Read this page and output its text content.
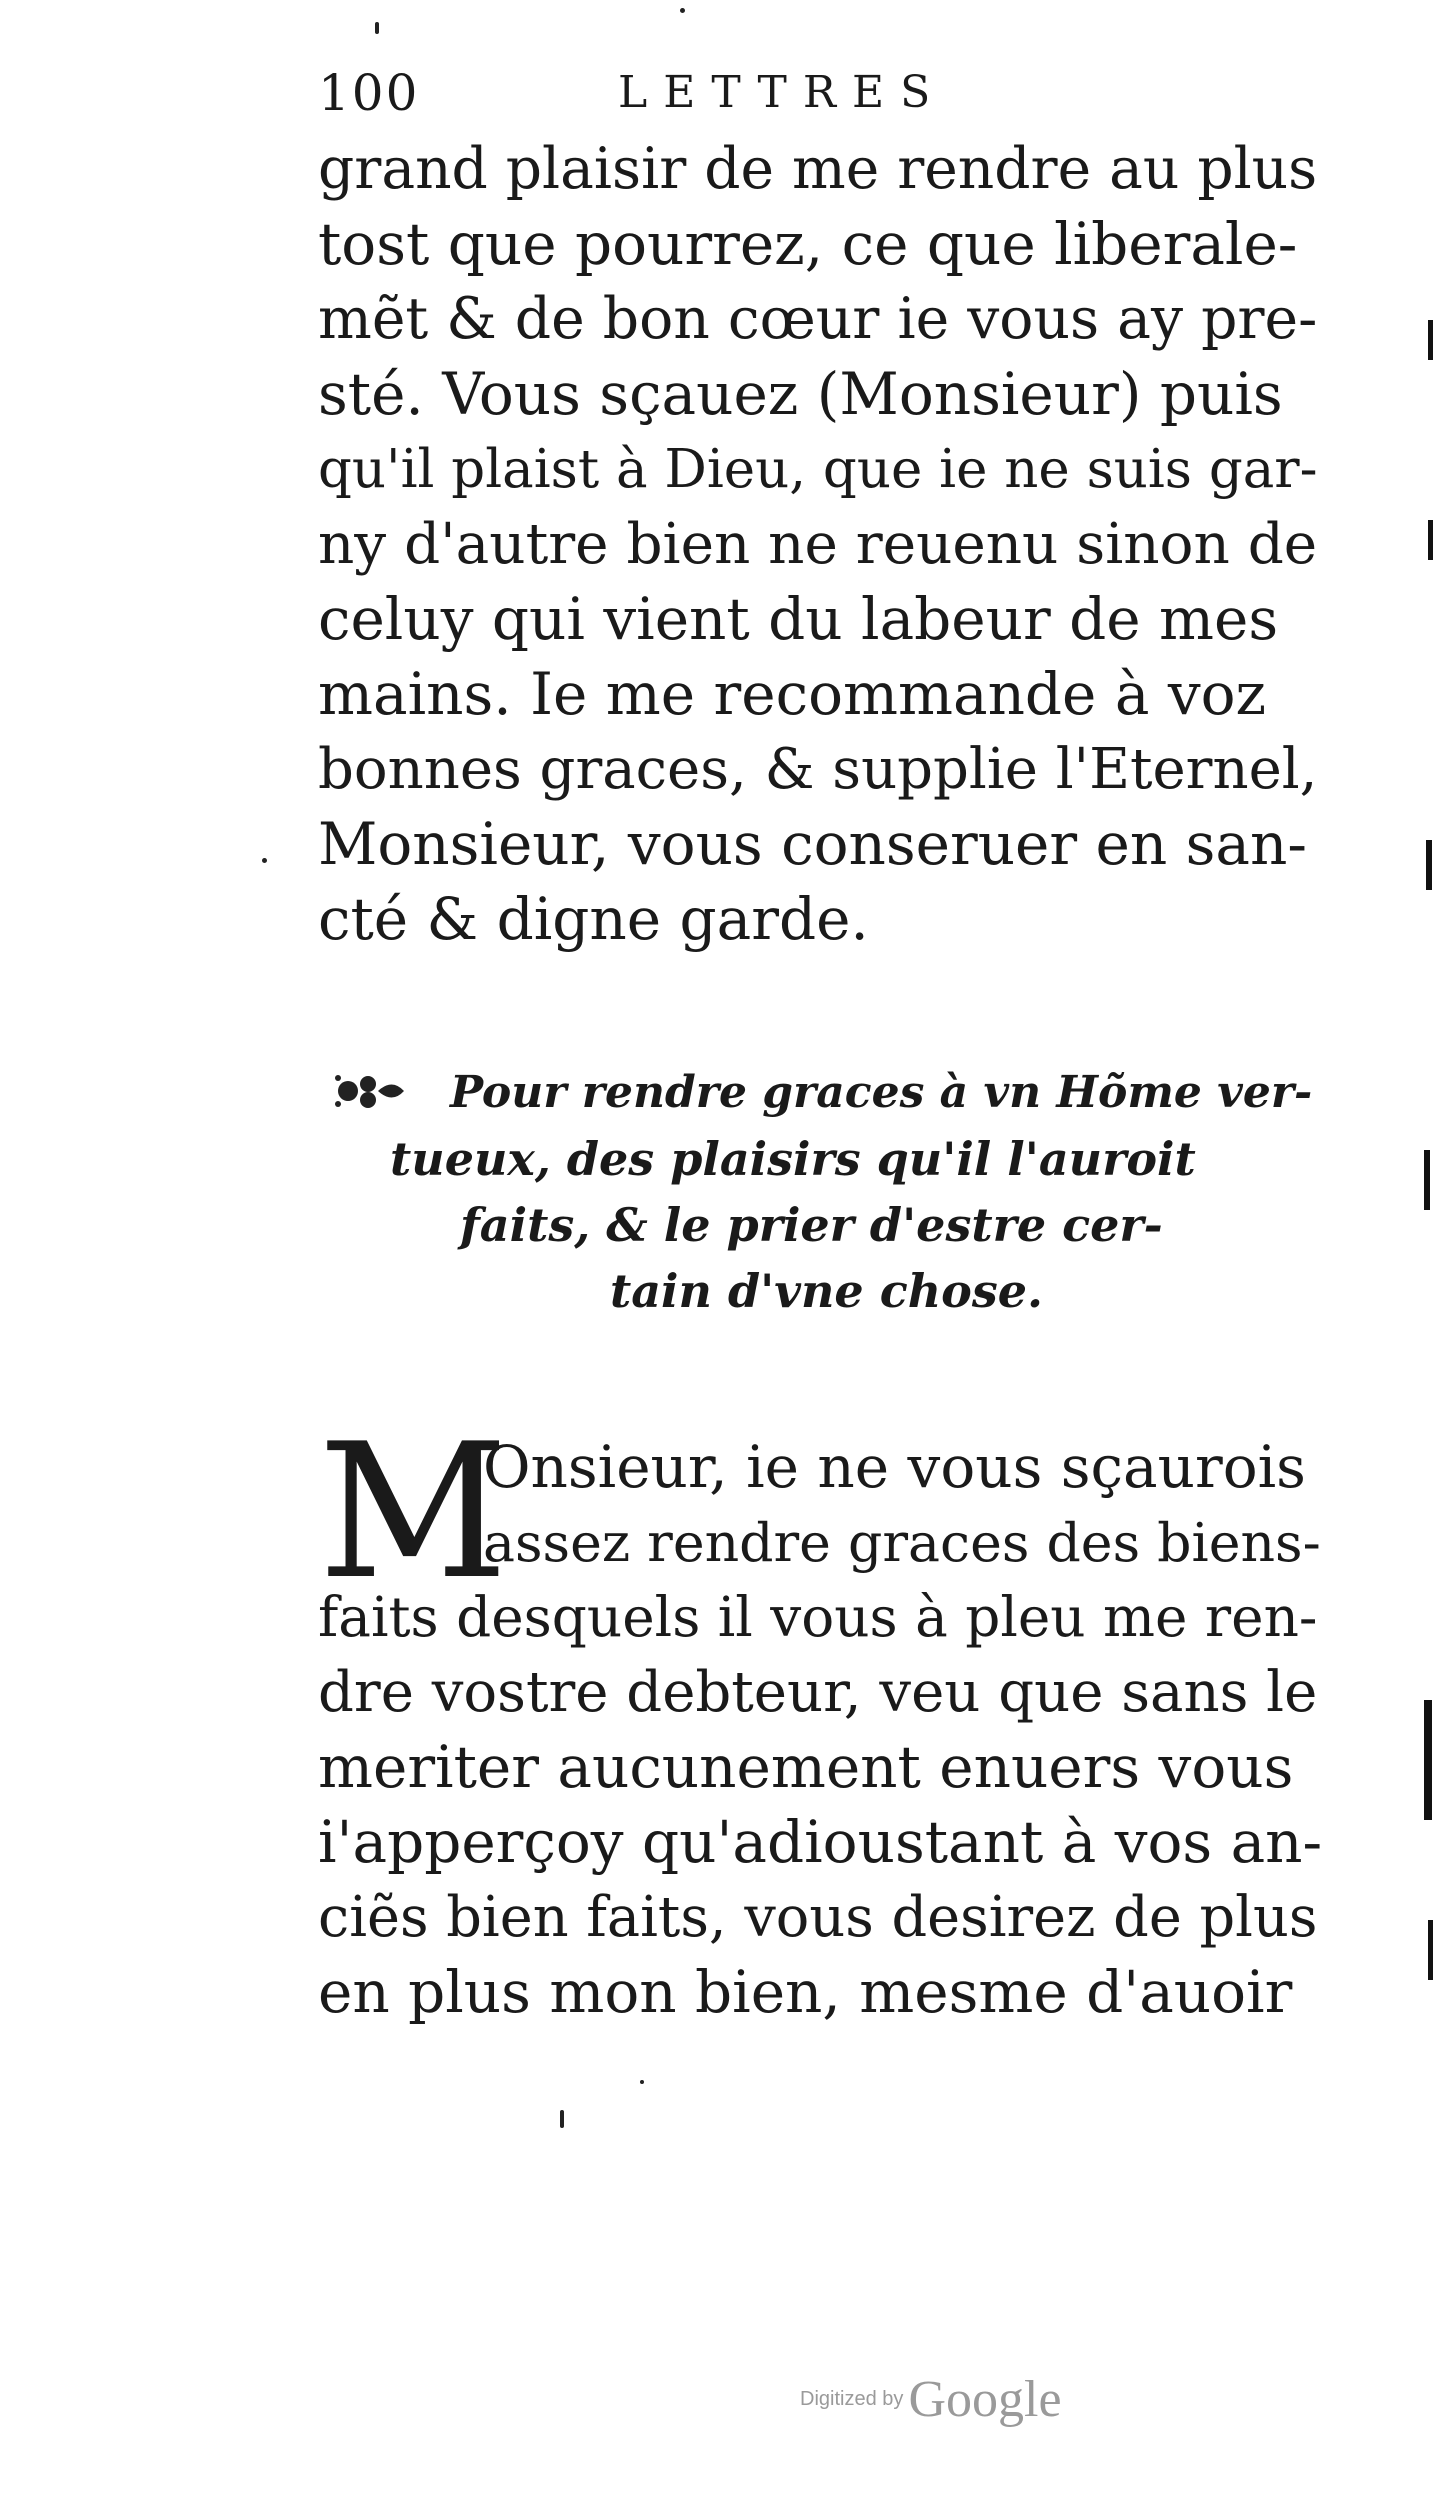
100	LETTRES
grand plaisir de me rendre au plus
tost que pourrez, ce que liberale-
mẽt & de bon cœur ie vous ay pre-
sté. Vous sçauez (Monsieur) puis
qu'il plaist à Dieu, que ie ne suis gar-
ny d'autre bien ne reuenu sinon de
celuy qui vient du labeur de mes
mains. Ie me recommande à voz
bonnes graces, & supplie l'Eternel,
Monsieur, vous conseruer en san-
cté & digne garde.
Pour rendre graces à vn Hõme ver-
tueux, des plaisirs qu'il l'auroit
faits, & le prier d'estre cer-
tain d'vne chose.
M
Onsieur, ie ne vous sçaurois
assez rendre graces des biens-
faits desquels il vous à pleu me ren-
dre vostre debteur, veu que sans le
meriter aucunement enuers vous
i'apperçoy qu'adioustant à vos an-
ciẽs bien faits, vous desirez de plus
en plus mon bien, mesme d'auoir
Digitized by Google
